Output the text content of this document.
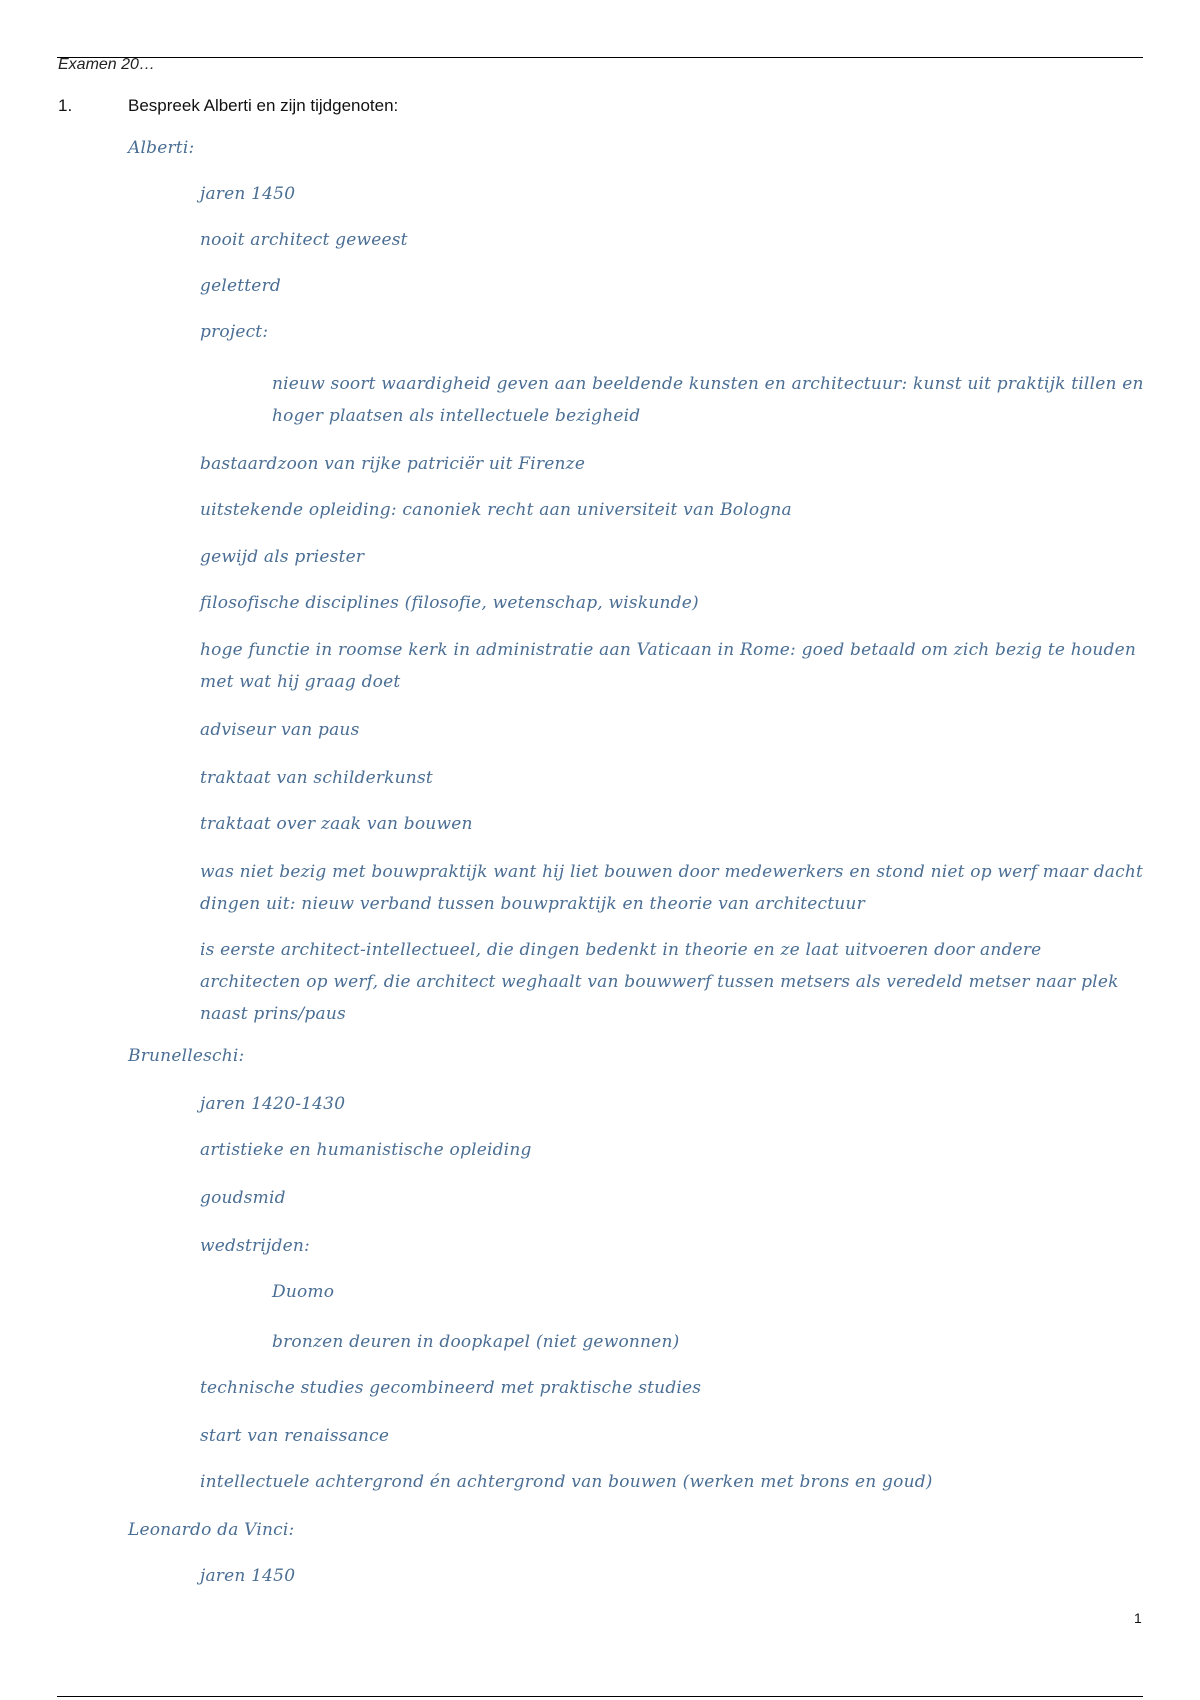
Examen 20…
1.	Bespreek Alberti en zijn tijdgenoten:
Alberti:
jaren 1450
nooit architect geweest
geletterd
project:
nieuw soort waardigheid geven aan beeldende kunsten en architectuur: kunst uit praktijk tillen en hoger plaatsen als intellectuele bezigheid
bastaardzoon van rijke patriciër uit Firenze
uitstekende opleiding: canoniek recht aan universiteit van Bologna
gewijd als priester
filosofische disciplines (filosofie, wetenschap, wiskunde)
hoge functie in roomse kerk in administratie aan Vaticaan in Rome: goed betaald om zich bezig te houden met wat hij graag doet
adviseur van paus
traktaat van schilderkunst
traktaat over zaak van bouwen
was niet bezig met bouwpraktijk want hij liet bouwen door medewerkers en stond niet op werf maar dacht dingen uit: nieuw verband tussen bouwpraktijk en theorie van architectuur
is eerste architect-intellectueel, die dingen bedenkt in theorie en ze laat uitvoeren door andere architecten op werf, die architect weghaalt van bouwwerf tussen metsers als veredeld metser naar plek naast prins/paus
Brunelleschi:
jaren 1420-1430
artistieke en humanistische opleiding
goudsmid
wedstrijden:
Duomo
bronzen deuren in doopkapel (niet gewonnen)
technische studies gecombineerd met praktische studies
start van renaissance
intellectuele achtergrond én achtergrond van bouwen (werken met brons en goud)
Leonardo da Vinci:
jaren 1450
1
